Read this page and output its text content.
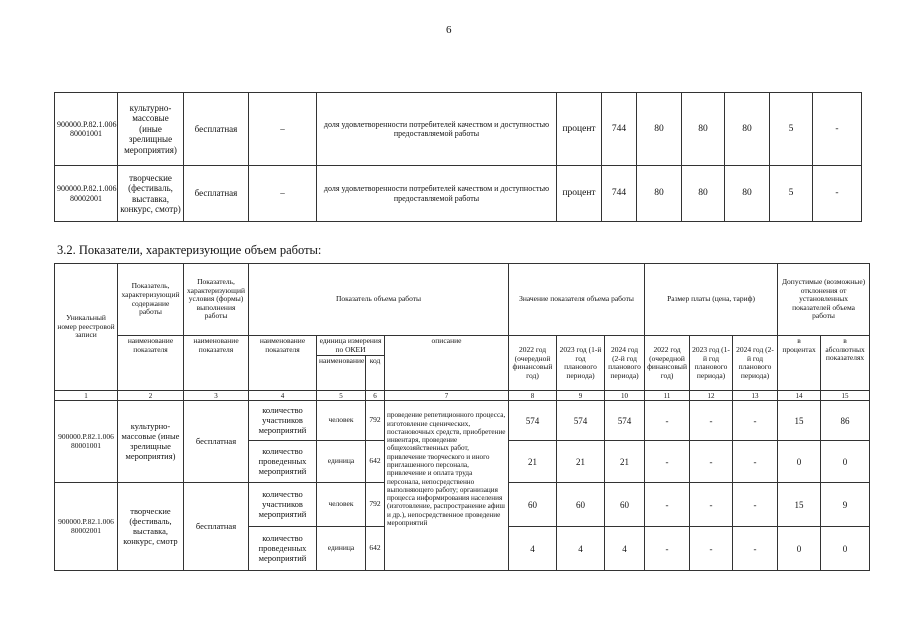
6
900000.Р.82.1.006 80001001	культурно-массовые (иные зрелищные мероприятия)	бесплатная	–	доля удовлетворенности потребителей качеством и доступностью предоставляемой работы	процент	744	80	80	80	5	-
900000.Р.82.1.006 80002001	творческие (фестиваль, выставка, конкурс, смотр)	бесплатная	–	доля удовлетворенности потребителей качеством и доступностью предоставляемой работы	процент	744	80	80	80	5	-
3.2. Показатели, характеризующие объем работы:
Уникальный номер реестровой записи	Показатель, характеризующий содержание работы	Показатель, характеризующий условия (формы) выполнения работы	Показатель объема работы				Значение показателя объема работы			Размер платы (цена, тариф)			Допустимые (возможные) отклонения от установленных показателей объема работы	
	наименование показателя	наименование показателя	наименование показателя	единица измерения по ОКЕИ		описание	2022 год (очередной финансовый год)	2023 год (1-й год планового периода)	2024 год (2-й год планового периода)	2022 год (очередной финансовый год)	2023 год (1-й год планового периода)	2024 год (2-й год планового периода)	в процентах	в абсолютных показателях
				наименование	код									
1	2	3	4	5	6	7	8	9	10	11	12	13	14	15
900000.Р.82.1.006 80001001	культурно-массовые (иные зрелищные мероприятия)	бесплатная	количество участников мероприятий	человек	792	проведение репетиционного процесса, изготовление сценических, постановочных средств, приобретение инвентаря, проведение общехозяйственных работ, привлечение творческого и иного приглашенного персонала, привлечение и оплата труда персонала, непосредственно выполняющего работу; организация процесса информирования населения (изготовление, распространение афиш и др.), непосредственное проведение мероприятий	574	574	574	-	-	-	15	86
			количество проведенных мероприятий	единица	642		21	21	21	-	-	-	0	0
900000.Р.82.1.006 80002001	творческие (фестиваль, выставка, конкурс, смотр	бесплатная	количество участников мероприятий	человек	792		60	60	60	-	-	-	15	9
			количество проведенных мероприятий	единица	642		4	4	4	-	-	-	0	0
